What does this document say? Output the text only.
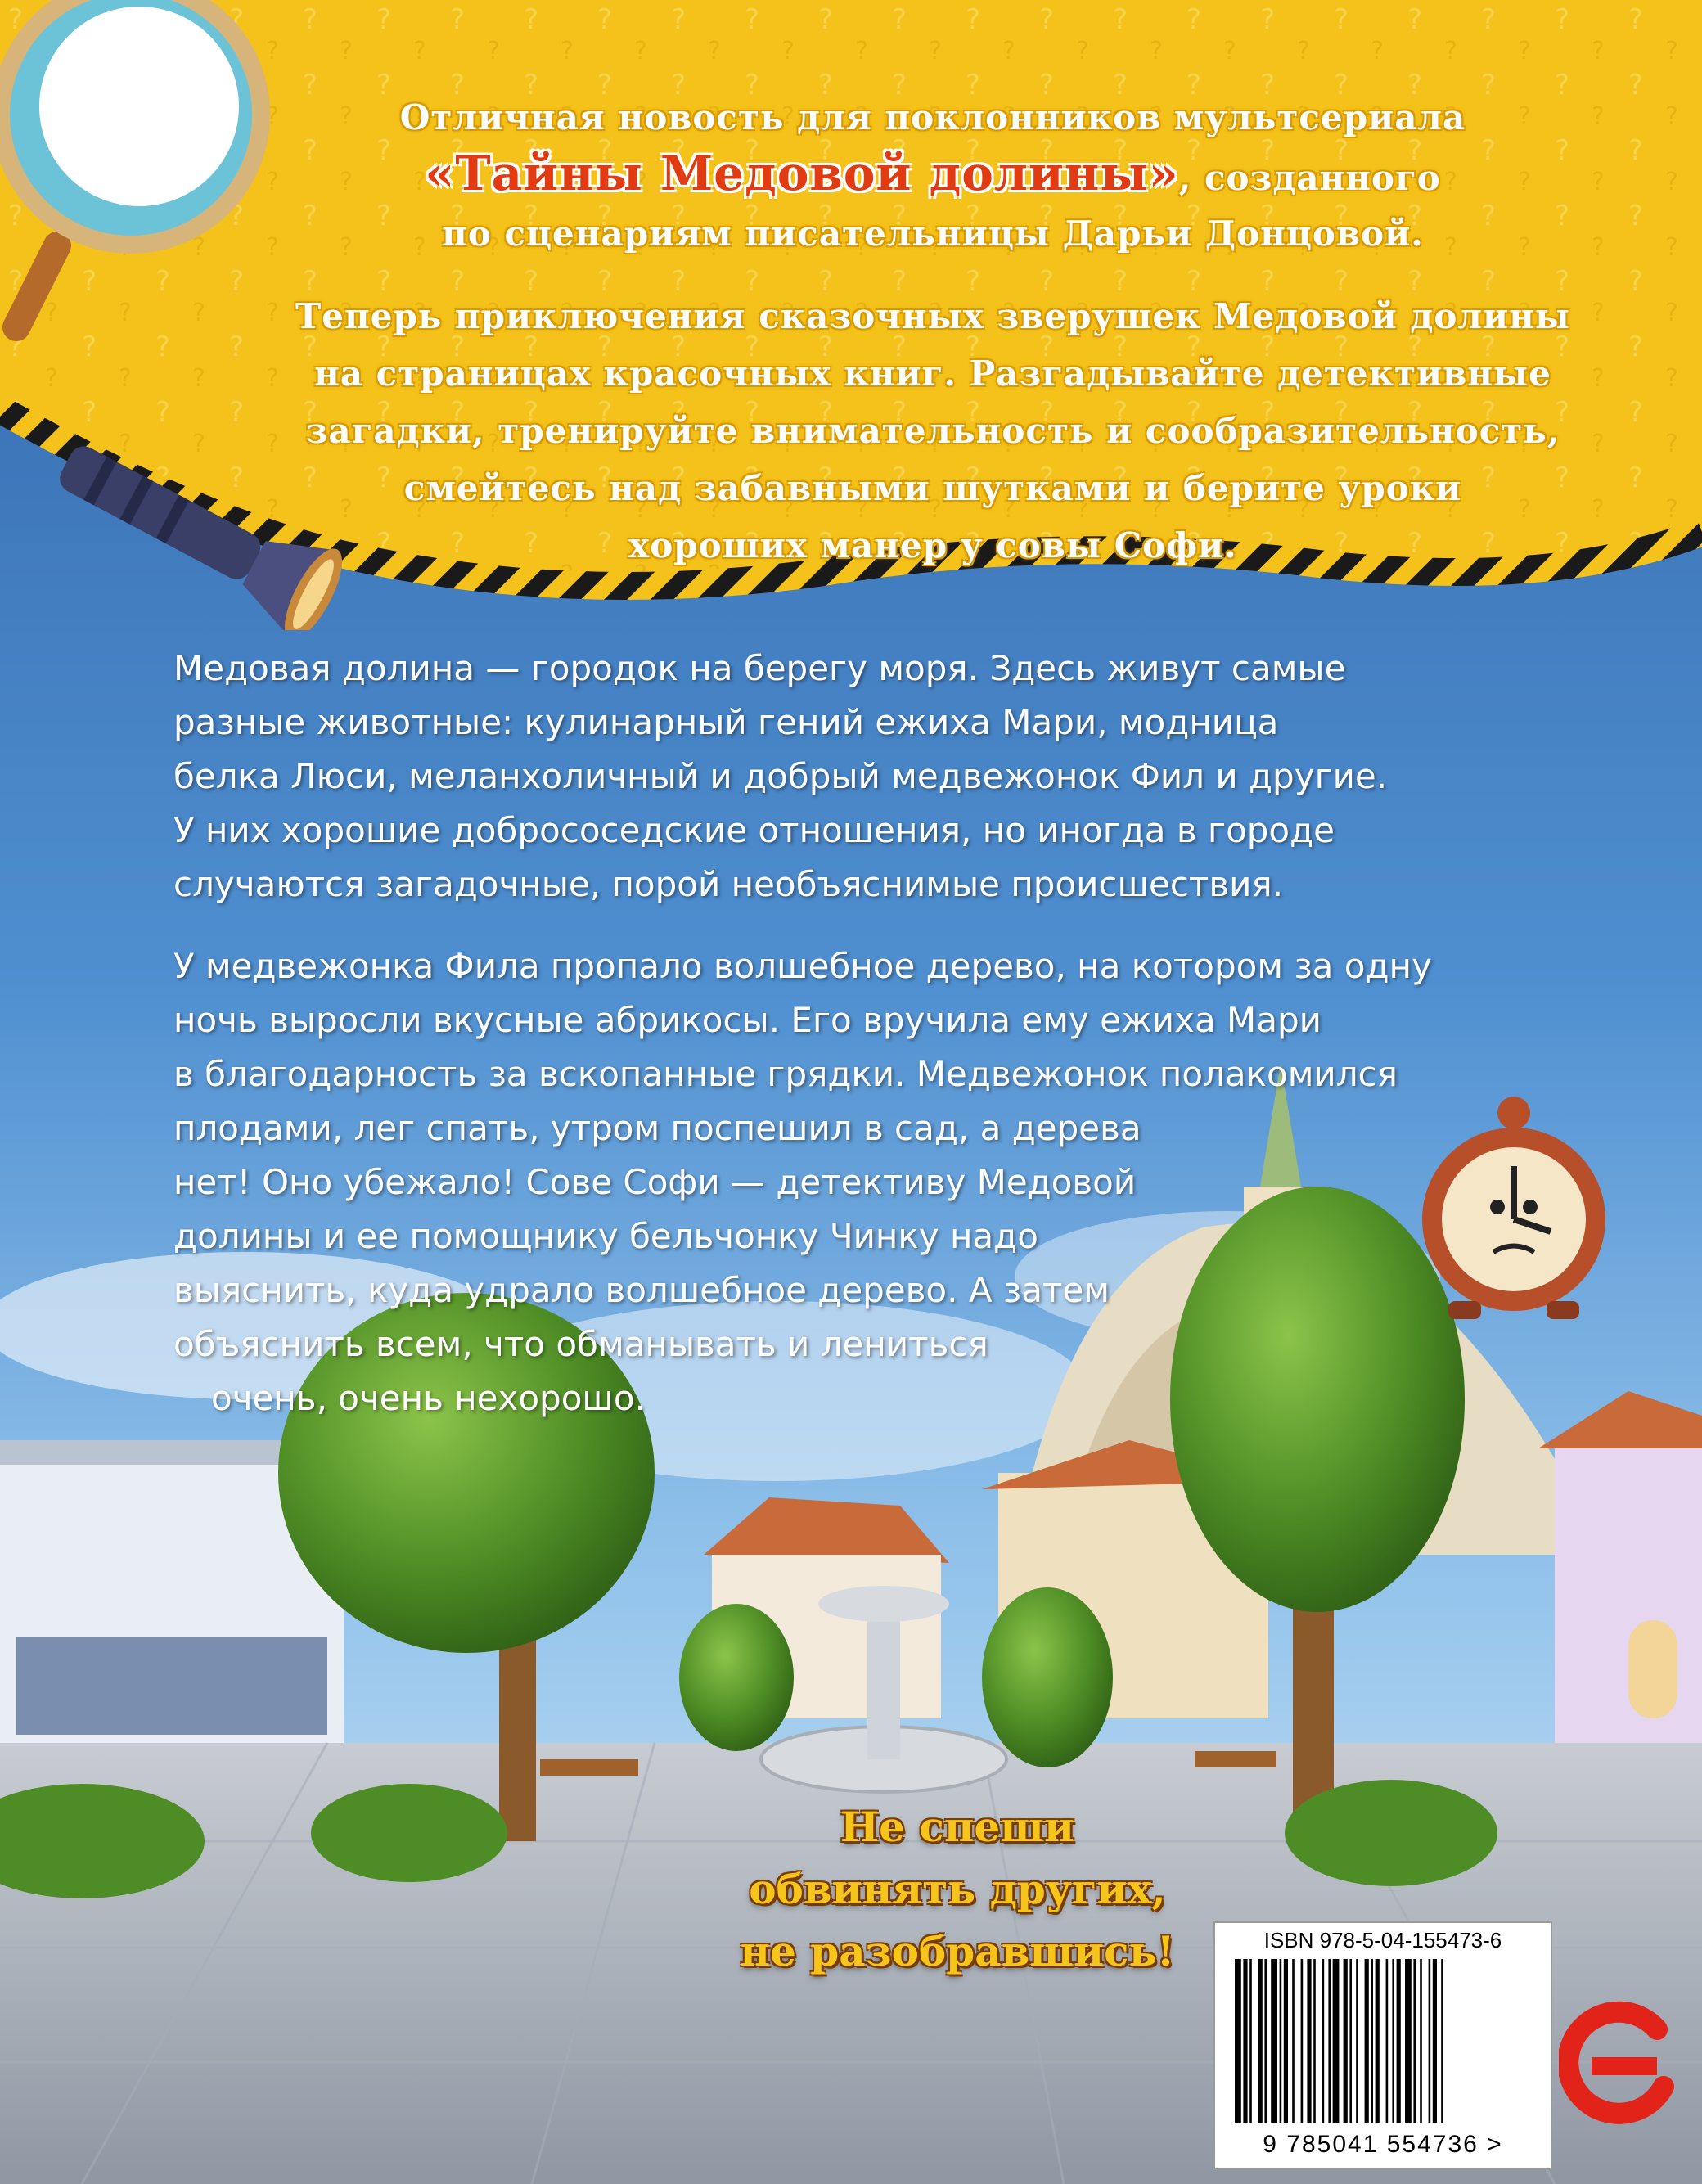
Отличная новость для поклонников мультсериала
«Тайны Медовой долины», созданного
по сценариям писательницы Дарьи Донцовой.
Теперь приключения сказочных зверушек Медовой долины
на страницах красочных книг. Разгадывайте детективные
загадки, тренируйте внимательность и сообразительность,
смейтесь над забавными шутками и берите уроки
хороших манер у совы Софи.
Медовая долина — городок на берегу моря. Здесь живут самые
разные животные: кулинарный гений ежиха Мари, модница
белка Люси, меланхоличный и добрый медвежонок Фил и другие.
У них хорошие добрососедские отношения, но иногда в городе
случаются загадочные, порой необъяснимые происшествия.
У медвежонка Фила пропало волшебное дерево, на котором за одну
ночь выросли вкусные абрикосы. Его вручила ему ежиха Мари
в благодарность за вскопанные грядки. Медвежонок полакомился
плодами, лег спать, утром поспешил в сад, а дерева
нет! Оно убежало! Сове Софи — детективу Медовой
долины и ее помощнику бельчонку Чинку надо
выяснить, куда удрало волшебное дерево. А затем
объяснить всем, что обманывать и лениться
очень, очень нехорошо.
Не спеши
обвинять других,
не разобравшись!	ISBN 978-5-04-155473-6
9 785041 554736 >
